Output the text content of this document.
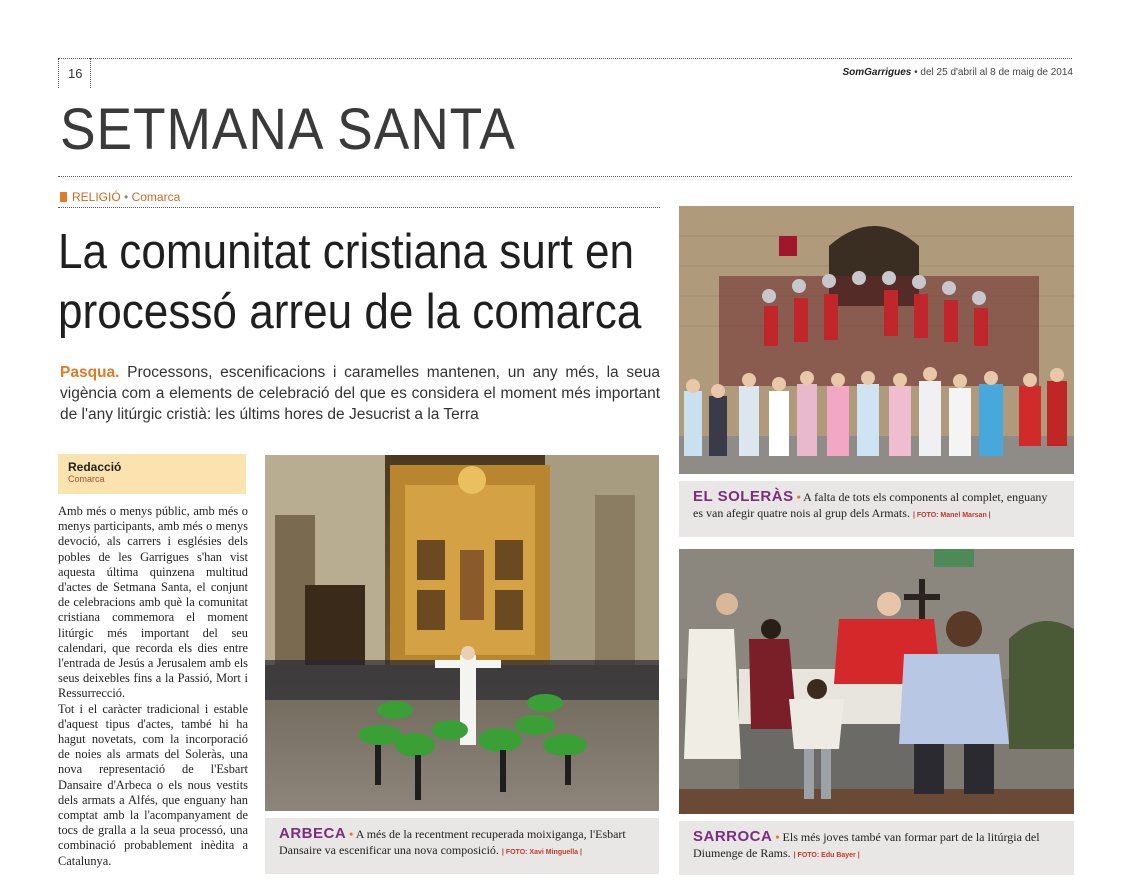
16	SomGarrigues • del 25 d'abril al 8 de maig de 2014
SETMANA SANTA
RELIGIÓ • Comarca
La comunitat cristiana surt en
processó arreu de la comarca
Pasqua. Processons, escenificacions i caramelles mantenen, un any més, la seua vigència com a elements de celebració del que es considera el moment més important de l'any litúrgic cristià: les últims hores de Jesucrist a la Terra
Redacció
Comarca

Amb més o menys públic, amb més o menys participants, amb més o menys devoció, als carrers i esglésies dels pobles de les Garrigues s'han vist aquesta última quinzena multitud d'actes de Setmana Santa, el conjunt de celebracions amb què la comunitat cristiana commemora el moment litúrgic més important del seu calendari, que recorda els dies entre l'entrada de Jesús a Jerusalem amb els seus deixebles fins a la Passió, Mort i Ressurrecció.

Tot i el caràcter tradicional i estable d'aquest tipus d'actes, també hi ha hagut novetats, com la incorporació de noies als armats del Soleràs, una nova representació de l'Esbart Dansaire d'Arbeca o els nous vestits dels armats a Alfés, que enguany han comptat amb la l'acompanyament de tocs de gralla a la seua processó, una combinació probablement inèdita a Catalunya.

ARBECA • A més de la recentment recuperada moixiganga, l'Esbart Dansaire va escenificar una nova composició. | FOTO: Xavi Minguella |
EL SOLERÀS • A falta de tots els components al complet, enguany es van afegir quatre nois al grup dels Armats. | FOTO: Manel Marsan |
SARROCA • Els més joves també van formar part de la litúrgia del Diumenge de Rams. | FOTO: Edu Bayer |
